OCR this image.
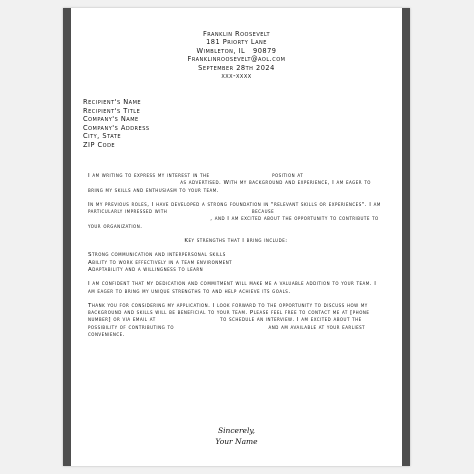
Franklin Roosevelt
181 Priorty Lane
Wimbleton, IL   90879
Franklinroosevelt@aol.com
September 28th 2024
xxx-xxxx
Recipient's Name
Recipient's Title
Company's Name
Company's Address
City, State
ZIP Code

I am writing to express my interest in the	position at  as advertised. With my background and experience, I am eager to bring my skills and enthusiasm to your team.

In my previous roles, I have developed a strong foundation in "relevant skills or experiences". I am particularly impressed with	because  , and I am excited about the opportunity to contribute to your organization.

Key strengths that I bring include:

Strong communication and interpersonal skills
Ability to work effectively in a team environment
Adaptability and a willingness to learn

I am confident that my dedication and commitment will make me a valuable addition to your team. I am eager to bring my unique strengths to and help achieve its goals.

Thank you for considering my application. I look forward to the opportunity to discuss how my background and skills will be beneficial to your team. Please feel free to contact me at [phone number] or via email at	to schedule an interview. I am excited about the possibility of contributing to	and am available at your earliest convenience.

Sincerely,
Your Name
